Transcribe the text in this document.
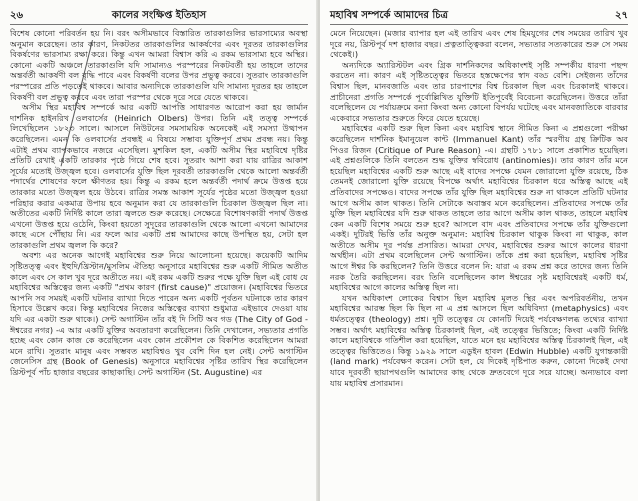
২৬	কালের সংক্ষিপ্ত ইতিহাস

বিশেষ কোনো পরিবর্তন হয় নি। বরং অসীমভাবে বিস্তারিত তারকাগুলির ভারসাম্যের অবস্থা অনুমান করেছেন। তার কারণ, নিকটতর তারকাগুলির আকর্ষণের এবং দূরতর তারকাগুলির বিকর্ষণের ভারসাম্য রক্ষা করে। কিন্তু এখন আমরা বিশ্বাস করি এ রকম ভারসাম্য হবে অস্থির। কোনো একটি অঞ্চলে তারকাগুলি যদি সামান্যও পরস্পরের নিকটবর্তী হয় তাহলে তাদের অন্তর্বর্তী আকর্ষণী বল বৃদ্ধি পাবে এবং বিকর্ষণী বলের উপর প্রভুত্ব করবে। সুতরাং তারকাগুলি পরস্পরের প্রতি পড়তেই থাকবে। আবার অন্যদিকে তারকাগুলি যদি সামান্য দূরতর হয় তাহলে বিকর্ষণী বল প্রভুত্ব করবে এবং তারা পরস্পর থেকে দূরে সরে যেতে থাকবে।

অসীম স্থির মহাবিশ্ব সম্পর্কে আর একটি আপত্তি সাধারণত আরোপ করা হয় জার্মান দার্শনিক হাইনরিখ ওলবার্সের (Heinrich Olbers) উপর। তিনি এই তত্ত্ব সম্পর্কে লিখেছিলেন ১৮২৩ সালে। আসলে নিউটনের সমসাময়িক অনেকেই এই সমস্যা উত্থাপন করেছিলেন। এমন কি ওলবার্সের প্রবন্ধই এ বিষয়ে সম্ভাব্য যুক্তিপূর্ণ প্রথম প্রবন্ধ নয়। কিন্তু এটাই প্রথম ব্যাপকভাবে নজরে এসেছিল। মুশকিল হল, একটি অসীম স্থির মহাবিশ্বে দৃষ্টির প্রতিটি রেখাই একটি তারকার পৃষ্ঠে গিয়ে শেষ হবে। সুতরাং আশা করা যায় রাত্রির আকাশ সূর্যের মতোই উজ্জ্বল হবে। ওলবার্সের যুক্তি ছিল দূরবর্তী তারকাগুলি থেকে আলো অন্তর্বর্তী পদার্থের শোষণের ফলে ক্ষীণতর হয়। কিন্তু এ রকম হলে অন্তর্বর্তী পদার্থ ক্রমে উত্তপ্ত হয়ে তারকার মতো উজ্জ্বল হয়ে উঠবে। রাত্রির সমস্ত আকাশ সূর্যের পৃষ্ঠের মতো উজ্জ্বল হওয়া পরিহার করার একমাত্র উপায় হবে অনুমান করা যে তারকাগুলি চিরকাল উজ্জ্বল ছিল না। অতীতের একটি নির্দিষ্ট কালে তারা জ্বলতে শুরু করেছে। সেক্ষেত্রে বিশোষণকারী পদার্থ উত্তপ্ত এখনো উত্তপ্ত হয়ে ওঠেনি, কিংবা হয়তো সুদূরের তারকাগুলি থেকে আলো এখনো আমাদের কাছে এসে পৌঁছায় নি। এর ফলে আর একটি প্রশ্ন আমাদের কাছে উপস্থিত হয়, সেটা হল তারকাগুলি প্রথম জ্বলল কি করে?

অবশ্য এর অনেক আগেই মহাবিশ্বের শুরু নিয়ে আলোচনা হয়েছে। কয়েকটি আদিম সৃষ্টিতত্ত্ব এবং ইহুদি/খ্রিস্টান/মুসলিম ঐতিহ্য অনুসারে মহাবিশ্বের শুরু একটি সীমিত অতীত কালে এবং সে কাল খুব দূরে অতীতে নয়। এই রকম একটি শুরুর পক্ষে যুক্তি ছিল এই বোধ যে মহাবিশ্বের অস্তিত্বের জন্য একটি "প্রথম কারণ (first cause)" প্রয়োজন। (মহাবিশ্বের ভিতরে আপনি সব সময়ই একটি ঘটনার ব্যাখ্যা দিতে পারেন অন্য একটি পূর্বতন ঘটনাকে তার কারণ হিসাবে উল্লেখ করে। কিন্তু মহাবিশ্বের নিজের অস্তিত্বের ব্যাখ্যা শুধুমাত্র এইভাবে দেওয়া যায় যদি এর একটা শুরু থাকে।) সেন্ট অগাস্টিন তাঁর বই দি সিটি অব গড (The City of God - ঈশ্বরের নগর) -এ আর একটি যুক্তির অবতারণা করেছিলেন। তিনি দেখালেন, সভ্যতার প্রগতি হচ্ছে এবং কোন কাজ কে করেছিলেন এবং কোন প্রকৌশল কে বিকশিত করেছিলেন আমরা মনে রাখি। সুতরাং মানুষ এবং সম্ভবত মহাবিশ্বও খুব বেশি দিন হল নেই। সেন্ট অগাস্টিন জেনেসিস গ্রন্থ (Book of Genesis) অনুসারে মহাবিশ্বের সৃষ্টির তারিখ স্থির করেছিলেন খ্রিস্টপূর্ব পাঁচ হাজার বছরের কাছাকাছি। সেন্ট অগাস্টিন (St. Augustine) এর

মহাবিশ্ব সম্পর্কে আমাদের চিত্র	২৭

মেনে নিয়েছেন। (মজার ব্যাপার হল এই তারিখ এবং শেষ হিমযুগের শেষ সময়ের তারিখ খুব দূরে নয়, খ্রিস্টপূর্ব দশ হাজার বছর। প্রত্নতাত্ত্বিকরা বলেন, সভ্যতার সত্যকারের শুরু সে সময় থেকেই।)

অন্যদিকে অ্যারিস্টটল এবং গ্রিক দার্শনিকদের অধিকাংশই সৃষ্টি সম্পর্কীয় ধারণা পছন্দ করতেন না। কারণ এই সৃষ্টিতত্ত্বের ভিতরে হস্তক্ষেপের স্বাদ বড্ড বেশি। সেইজন্য তাঁদের বিশ্বাস ছিল, মানবজাতি এবং তার চারপাশের বিশ্ব চিরকাল ছিল এবং চিরকালই থাকবে। প্রাচীনেরা প্রগতি সম্পর্কে পূর্বোল্লিখিত যুক্তিটি ইতিপূর্বেই বিবেচনা করেছিলেন। উত্তরে তাঁরা বলেছিলেন যে পর্যায়ক্রমে বন্যা কিংবা অন্য কোনো বিপর্যয় ঘটেছে এবং মানবজাতিকে বারবার একেবারে সভ্যতার শুরুতে ফিরে যেতে হয়েছে।

মহাবিশ্বের একটি শুরু ছিল কিনা এবং মহাবিশ্ব স্থানে সীমিত কিনা এ প্রশ্নগুলো পরীক্ষা করেছিলেন দার্শনিক ইমানুয়েল কান্ট (Immanuel Kant) তাঁর স্মরণীয় গ্রন্থ ক্রিটিক অব পিওর রিজন (Critique of Pure Reason) -এ। গ্রন্থটি ১৭৮১ সালে প্রকাশিত হয়েছিল। এই প্রশ্নগুলিকে তিনি বলতেন শুদ্ধ যুক্তির স্ববিরোধ (antinomies)। তার কারণ তাঁর মনে হয়েছিল মহাবিশ্বের একটি শুরু আছে এই বাদের সপক্ষে যেমন জোরালো যুক্তি রয়েছে, ঠিক তেমনই জোরালো যুক্তি রয়েছে বিপক্ষে অর্থাৎ মহাবিশ্বের চিরকাল ধরে অস্তিত্ব আছে এই প্রতিবাদের সপক্ষেও। বাদের সপক্ষে তাঁর যুক্তি ছিল মহাবিশ্বের শুরু না থাকলে প্রতিটি ঘটনার আগে অসীম কাল থাকত। তিনি সেটাকে অবাস্তব মনে করেছিলেন। প্রতিবাদের সপক্ষে তাঁর যুক্তি ছিল মহাবিশ্বের যদি শুরু থাকত তাহলে তার আগে অসীম কাল থাকত, তাহলে মহাবিশ্ব কেন একটি বিশেষ সময়ে শুরু হবে? আসলে বাদ এবং প্রতিবাদের সপক্ষে তাঁর যুক্তিগুলো একই। দুটিরই ভিত্তি তাঁর অনুক্ত অনুমান: মহাবিশ্ব চিরকাল থাকুক কিংবা না থাকুক, কাল অতীতে অসীম দূর পর্যন্ত প্রসারিত। আমরা দেখব, মহাবিশ্বের শুরুর আগে কালের ধারণা অর্থহীন। এটা প্রথম বলেছিলেন সেন্ট অগাস্টিন। তাঁকে প্রশ্ন করা হয়েছিল, মহাবিশ্ব সৃষ্টির আগে ঈশ্বর কি করছিলেন? তিনি উত্তরে বলেন নি: যারা এ রকম প্রশ্ন করে তাদের জন্য তিনি নরক তৈরি করছিলেন। বরং তিনি বলেছিলেন কাল ঈশ্বরের সৃষ্ট মহাবিশ্বেরই একটি ধর্ম, মহাবিশ্বের আগে কালের অস্তিত্ব ছিল না।

যখন অধিকাংশ লোকের বিশ্বাস ছিল মহাবিশ্ব মূলত স্থির এবং অপরিবর্তনীয়, তখন মহাবিশ্বের আরম্ভ ছিল কি ছিল না এ প্রশ্ন আসলে ছিল অধিবিদ্যা (metaphysics) এবং ধর্মতত্ত্বের (theology) প্রশ্ন। দুটি তত্ত্বের যে কোনটি দিয়েই পর্যবেক্ষণলব্ধ তথ্যের ব্যাখ্যা সম্ভব। অর্থাৎ মহাবিশ্বের অস্তিত্ব চিরকালই ছিল, এই তত্ত্বের ভিত্তিতে; কিংবা একটি নির্দিষ্ট কালে মহাবিশ্বকে গতিশীল করা হয়েছিল, যাতে মনে হয় মহাবিশ্বের অস্তিত্ব চিরকালই ছিল, এই তত্ত্বের ভিত্তিতেও। কিন্তু ১৯২৯ সালে এডুইন হাবল (Edwin Hubble) একটি যুগান্তকারী (land mark) পর্যবেক্ষণ করেন। সেটা হল, যে দিকেই দৃষ্টিপাত করুন, কোনো দিকেই দেখা যাবে দূরবর্তী ছায়াপথগুলি আমাদের কাছ থেকে দ্রুতবেগে দূরে সরে যাচ্ছে। অন্যভাবে বলা যায় মহাবিশ্ব প্রসারমান।
